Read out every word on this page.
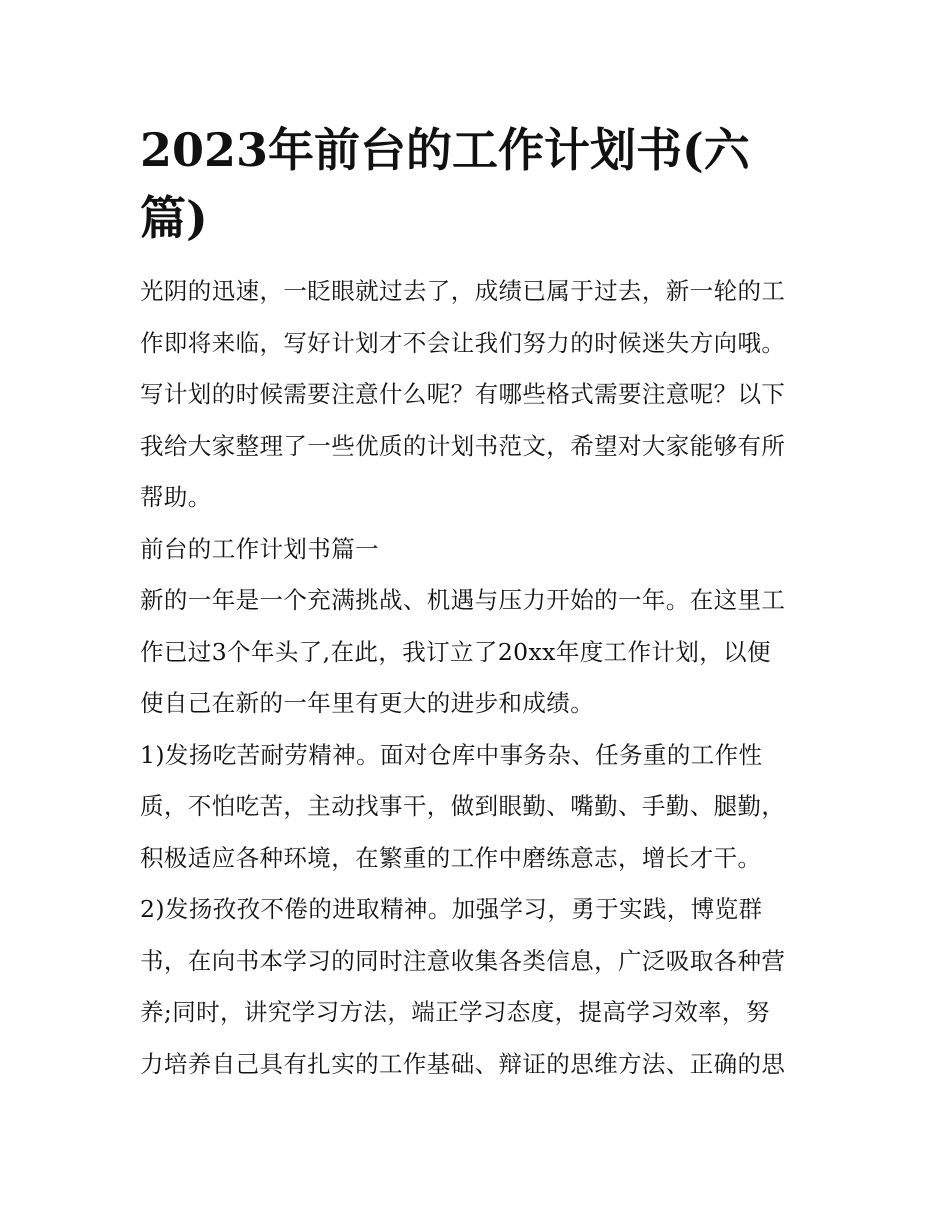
2023年前台的工作计划书(六篇)
光阴的迅速，一眨眼就过去了，成绩已属于过去，新一轮的工
作即将来临，写好计划才不会让我们努力的时候迷失方向哦。
写计划的时候需要注意什么呢？有哪些格式需要注意呢？以下
我给大家整理了一些优质的计划书范文，希望对大家能够有所
帮助。
前台的工作计划书篇一
新的一年是一个充满挑战、机遇与压力开始的一年。在这里工
作已过3个年头了,在此，我订立了20xx年度工作计划，以便
使自己在新的一年里有更大的进步和成绩。
1)发扬吃苦耐劳精神。面对仓库中事务杂、任务重的工作性
质，不怕吃苦，主动找事干，做到眼勤、嘴勤、手勤、腿勤，
积极适应各种环境，在繁重的工作中磨练意志，增长才干。
2)发扬孜孜不倦的进取精神。加强学习，勇于实践，博览群
书，在向书本学习的同时注意收集各类信息，广泛吸取各种营
养;同时，讲究学习方法，端正学习态度，提高学习效率，努
力培养自己具有扎实的工作基础、辩证的思维方法、正确的思
